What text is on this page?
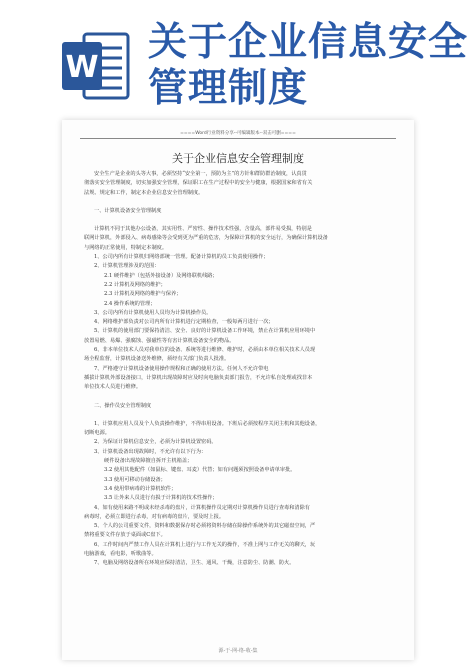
W
关于企业信息安全管理制度
====Word行业资料分享--可编辑版本--双击可删====
关于企业信息安全管理制度

安全生产是企业的头等大事，必须坚持“安全第一，预防为主”的方针和群防群治制度，认真贯

彻落实安全管理制度，切实加强安全管理，保证职工在生产过程中的安全与健康，根据国家和省有关

法规、规定和工作，制定本企业信息安全管理制度。

一、计算机设备安全管理制度

计算机不同于其他办公设备，其实用性、严密性、操作技术性强，含量高，部件易受损，特别是

联网计算机，外部侵入、病毒感染等会受到更为严重的危害，为保障计算机的安全运行，为确保计算机设备

与网络的正常使用，特制定本制度。

1、公司内所有计算机归网络部统一管理。配备计算机的员工负责使用操作；

2、计算机管理涉及的范围：

2.1 硬件维护（包括外接设备）及网络联机线路；

2.2 计算机及网络的维护；

2.3 计算机及网络的维护与保养；

2.4 操作系统的管理；

3、公司内所有计算机使用人员均为计算机操作员。

4、网络维护部负责对公司内所有计算机进行定期检查，一般每两月进行一次；

5、计算机的使用部门要保持清洁、安全、良好的计算机设备工作环境，禁止在计算机应用环境中

放置易燃、易爆、强腐蚀、强磁性等有害计算机设备安全的物品。

6、非本单位技术人员对我单位的设备、系统等进行维修、维护时，必须由本单位相关技术人员现

场全程监督，计算机设备送外维修，须经有关部门负责人批准。

7、严格遵守计算机设备使用操作规程和正确的使用方法。任何人不允许带电

插拔计算机外部设备接口，计算机出现故障时应及时向电脑负责部门报告，不允许私自处理或找非本

单位技术人员进行维修。

二、操作员安全管理制度

1、计算机应用人员及个人负责操作维护，不得串用设备。下班后必须按程序关闭主机和其他设备，

切断电源。

2、为保证计算机信息安全，必须为计算机设置密码。

3、计算机设备出现故障时，不允许有以下行为：

硬件设备出现故障擅自拆开主机箱盖；

3.2 使用其他配件（如鼠标、键盘、耳麦）代替；如有问题须按照设备申请单审批。

3.3 使用可移动存储设备；

3.4 使用带病毒的计算机软件；

3.5 让外来人员进行有损于计算机的技术性操作；

4、如有使用来路不明或未经杀毒的盘片，计算机操作员定期对计算机操作员进行查毒和清除有

病毒时，必须立即进行杀毒，对有病毒的盘片，要及时上报。

5、个人的公司重要文件，资料和数据保存时必须将资料存储在除操作系统外的其它磁盘空间，严

禁将重要文件存放于桌面或C盘下。

6、工作时间内严禁工作人员在计算机上进行与工作无关的操作，不准上网与工作无关的聊天，玩

电脑游戏，看电影，听歌曲等。

7、电脑及网络设备所在环境应保持清洁，卫生、通风、干燥，注意防尘、防潮、防火。

源-于-网-络-收-集
